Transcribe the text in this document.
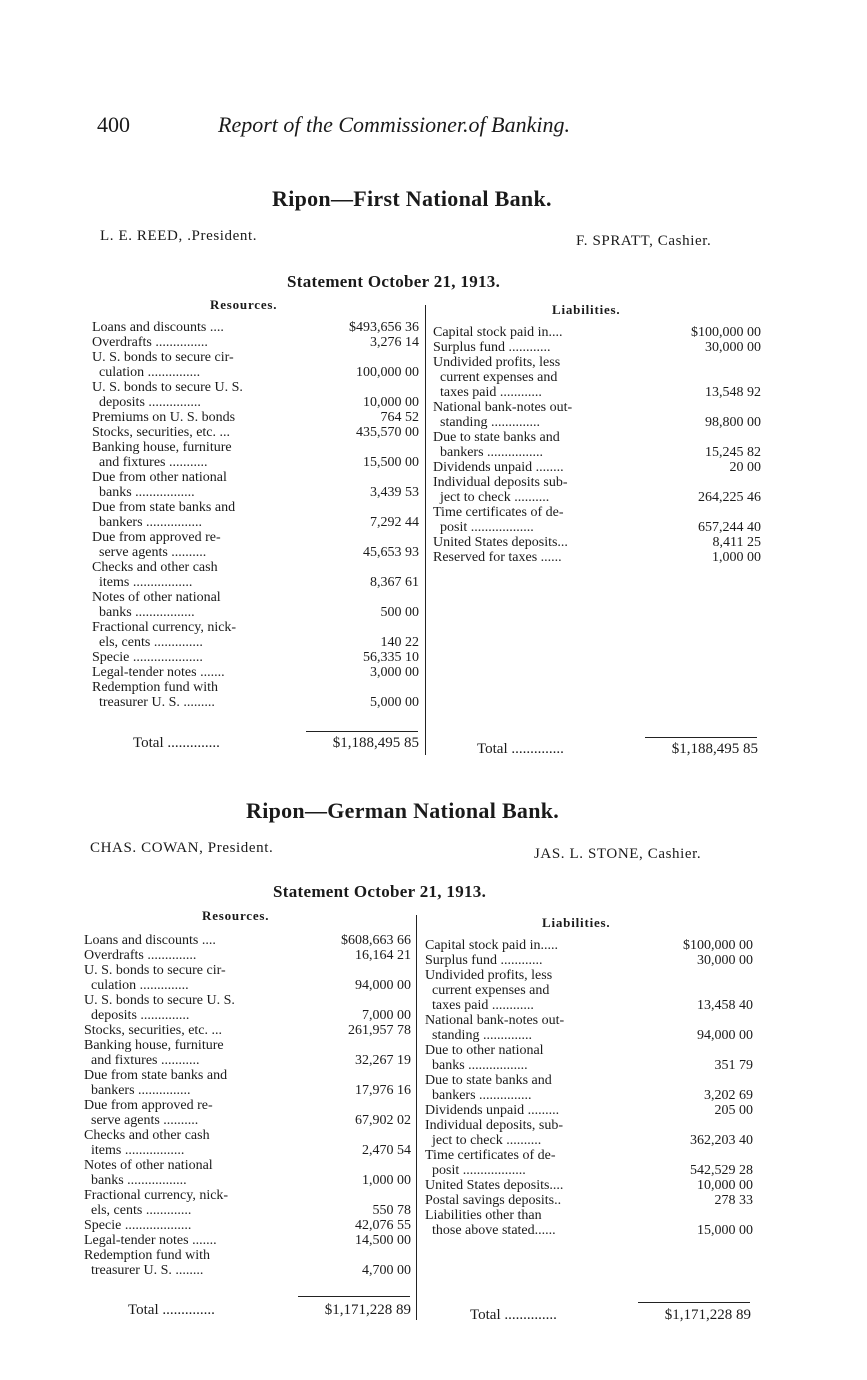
400	Report of the Commissioner.of Banking.
Ripon—First National Bank.
L. E. REED, .President.	F. SPRATT, Cashier.
Statement October 21, 1913.
Resources.	Liabilities.
Loans and discounts ....	$493,656 36
Overdrafts ...............	3,276 14
U. S. bonds to secure cir-
culation ...............	100,000 00
U. S. bonds to secure U. S.
deposits ...............	10,000 00
Premiums on U. S. bonds	764 52
Stocks, securities, etc. ...	435,570 00
Banking house, furniture
and fixtures ...........	15,500 00
Due from other national
banks .................	3,439 53
Due from state banks and
bankers ................	7,292 44
Due from approved re-
serve agents ..........	45,653 93
Checks and other cash
items .................	8,367 61
Notes of other national
banks .................	500 00
Fractional currency, nick-
els, cents ..............	140 22
Specie ....................	56,335 10
Legal-tender notes .......	3,000 00
Redemption fund with
treasurer U. S. .........	5,000 00
Capital stock paid in....	$100,000 00
Surplus fund ............	30,000 00
Undivided profits, less
current expenses and
taxes paid ............	13,548 92
National bank-notes out-
standing ..............	98,800 00
Due to state banks and
bankers ................	15,245 82
Dividends unpaid ........	20 00
Individual deposits sub-
ject to check ..........	264,225 46
Time certificates of de-
posit ..................	657,244 40
United States deposits...	8,411 25
Reserved for taxes ......	1,000 00
Total ..............	$1,188,495 85	Total ..............	$1,188,495 85
Ripon—German National Bank.
CHAS. COWAN, President.	JAS. L. STONE, Cashier.
Statement October 21, 1913.
Resources.	Liabilities.
Loans and discounts ....	$608,663 66
Overdrafts ..............	16,164 21
U. S. bonds to secure cir-
culation ..............	94,000 00
U. S. bonds to secure U. S.
deposits ..............	7,000 00
Stocks, securities, etc. ...	261,957 78
Banking house, furniture
and fixtures ...........	32,267 19
Due from state banks and
bankers ...............	17,976 16
Due from approved re-
serve agents ..........	67,902 02
Checks and other cash
items .................	2,470 54
Notes of other national
banks .................	1,000 00
Fractional currency, nick-
els, cents .............	550 78
Specie ...................	42,076 55
Legal-tender notes .......	14,500 00
Redemption fund with
treasurer U. S. ........	4,700 00
Capital stock paid in.....	$100,000 00
Surplus fund ............	30,000 00
Undivided profits, less
current expenses and
taxes paid ............	13,458 40
National bank-notes out-
standing ..............	94,000 00
Due to other national
banks .................	351 79
Due to state banks and
bankers ...............	3,202 69
Dividends unpaid .........	205 00
Individual deposits, sub-
ject to check ..........	362,203 40
Time certificates of de-
posit ..................	542,529 28
United States deposits....	10,000 00
Postal savings deposits..	278 33
Liabilities other than
those above stated......	15,000 00
Total ..............	$1,171,228 89	Total ..............	$1,171,228 89
